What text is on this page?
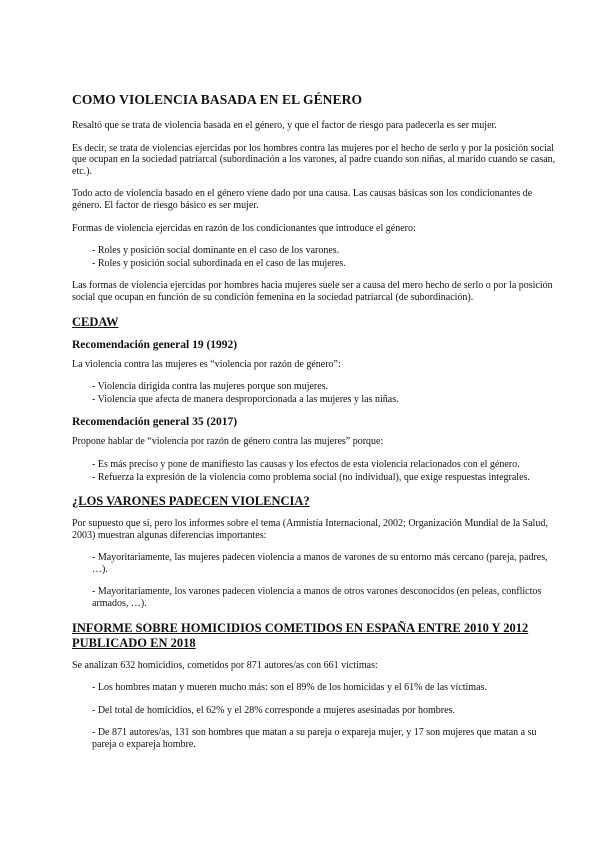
COMO VIOLENCIA BASADA EN EL GÉNERO

Resaltó que se trata de violencia basada en el género, y que el factor de riesgo para padecerla es ser mujer.

Es decir, se trata de violencias ejercidas por los hombres contra las mujeres por el hecho de serlo y por la posición social que ocupan en la sociedad patriarcal (subordinación a los varones, al padre cuando son niñas, al marido cuando se casan, etc.).

Todo acto de violencia basado en el género viene dado por una causa. Las causas básicas son los condicionantes de género. El factor de riesgo básico es ser mujer.

Formas de violencia ejercidas en razón de los condicionantes que introduce el género:

- Roles y posición social dominante en el caso de los varones.

- Roles y posición social subordinada en el caso de las mujeres.

Las formas de violencia ejercidas por hombres hacia mujeres suele ser a causa del mero hecho de serlo o por la posición social que ocupan en función de su condición femenina en la sociedad patriarcal (de subordinación).

CEDAW
Recomendación general 19 (1992)

La violencia contra las mujeres es “violencia por razón de género”:

- Violencia dirigida contra las mujeres porque son mujeres.

- Violencia que afecta de manera desproporcionada a las mujeres y las niñas.

Recomendación general 35 (2017)

Propone hablar de “violencia por razón de género contra las mujeres” porque:

- Es más preciso y pone de manifiesto las causas y los efectos de esta violencia relacionados con el género.

- Refuerza la expresión de la violencia como problema social (no individual), que exige respuestas integrales.

¿LOS VARONES PADECEN VIOLENCIA?

Por supuesto que sí, pero los informes sobre el tema (Amnistía Internacional, 2002; Organización Mundial de la Salud, 2003) muestran algunas diferencias importantes:

- Mayoritariamente, las mujeres padecen violencia a manos de varones de su entorno más cercano (pareja, padres, …).

- Mayoritariamente, los varones padecen violencia a manos de otros varones desconocidos (en peleas, conflictos armados, …).

INFORME SOBRE HOMICIDIOS COMETIDOS EN ESPAÑA ENTRE 2010 Y 2012 PUBLICADO EN 2018

Se analizan 632 homicidios, cometidos por 871 autores/as con 661 víctimas:

- Los hombres matan y mueren mucho más: son el 89% de los homicidas y el 61% de las víctimas.

- Del total de homicidios, el 62% y el 28% corresponde a mujeres asesinadas por hombres.

- De 871 autores/as, 131 son hombres que matan a su pareja o expareja mujer, y 17 son mujeres que matan a su pareja o expareja hombre.
